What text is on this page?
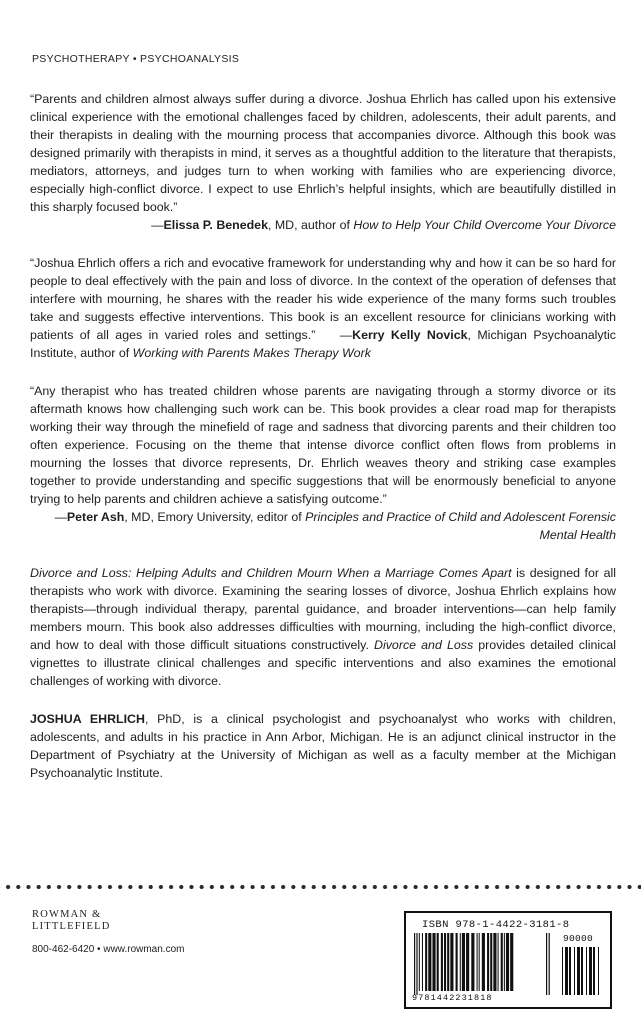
PSYCHOTHERAPY • PSYCHOANALYSIS

“Parents and children almost always suffer during a divorce. Joshua Ehrlich has called upon his extensive clinical experience with the emotional challenges faced by children, adolescents, their adult parents, and their therapists in dealing with the mourning process that accompanies divorce. Although this book was designed primarily with therapists in mind, it serves as a thoughtful addition to the literature that therapists, mediators, attorneys, and judges turn to when working with families who are experiencing divorce, especially high-conflict divorce. I expect to use Ehrlich’s helpful insights, which are beautifully distilled in this sharply focused book.”

—Elissa P. Benedek, MD, author of How to Help Your Child Overcome Your Divorce

“Joshua Ehrlich offers a rich and evocative framework for understanding why and how it can be so hard for people to deal effectively with the pain and loss of divorce. In the context of the operation of defenses that interfere with mourning, he shares with the reader his wide experience of the many forms such troubles take and suggests effective interventions. This book is an excellent resource for clinicians working with patients of all ages in varied roles and settings.” —Kerry Kelly Novick, Michigan Psychoanalytic Institute, author of Working with Parents Makes Therapy Work

“Any therapist who has treated children whose parents are navigating through a stormy divorce or its aftermath knows how challenging such work can be. This book provides a clear road map for therapists working their way through the minefield of rage and sadness that divorcing parents and their children too often experience. Focusing on the theme that intense divorce conflict often flows from problems in mourning the losses that divorce represents, Dr. Ehrlich weaves theory and striking case examples together to provide understanding and specific suggestions that will be enormously beneficial to anyone trying to help parents and children achieve a satisfying outcome.”

—Peter Ash, MD, Emory University, editor of Principles and Practice of Child and Adolescent Forensic Mental Health

Divorce and Loss: Helping Adults and Children Mourn When a Marriage Comes Apart is designed for all therapists who work with divorce. Examining the searing losses of divorce, Joshua Ehrlich explains how therapists—through individual therapy, parental guidance, and broader interventions—can help family members mourn. This book also addresses difficulties with mourning, including the high-conflict divorce, and how to deal with those difficult situations constructively. Divorce and Loss provides detailed clinical vignettes to illustrate clinical challenges and specific interventions and also examines the emotional challenges of working with divorce.

JOSHUA EHRLICH, PhD, is a clinical psychologist and psychoanalyst who works with children, adolescents, and adults in his practice in Ann Arbor, Michigan. He is an adjunct clinical instructor in the Department of Psychiatry at the University of Michigan as well as a faculty member at the Michigan Psychoanalytic Institute.

ROWMAN &
LITTLEFIELD
800-462-6420 • www.rowman.com
ISBN 978-1-4422-3181-8
90000
9781442231818
